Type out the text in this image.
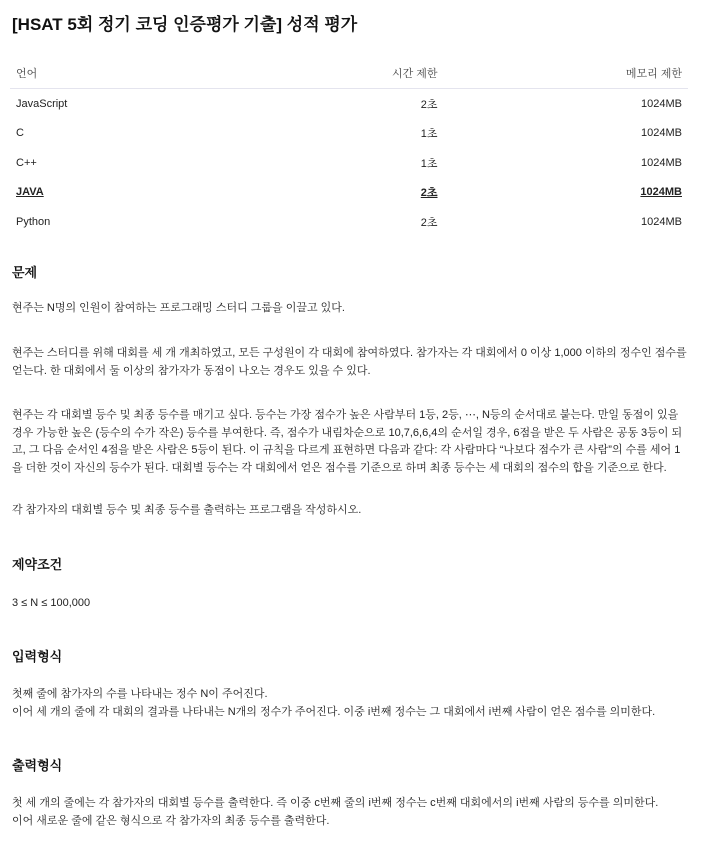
[HSAT 5회 정기 코딩 인증평가 기출] 성적 평가
언어	시간 제한	메모리 제한
JavaScript	2초	1024MB
C	1초	1024MB
C++	1초	1024MB
JAVA	2초	1024MB
Python	2초	1024MB
문제

현주는 N명의 인원이 참여하는 프로그래밍 스터디 그룹을 이끌고 있다.

현주는 스터디를 위해 대회를 세 개 개최하였고, 모든 구성원이 각 대회에 참여하였다. 참가자는 각 대회에서 0 이상 1,000 이하의 정수인 점수를 얻는다. 한 대회에서 둘 이상의 참가자가 동점이 나오는 경우도 있을 수 있다.

현주는 각 대회별 등수 및 최종 등수를 매기고 싶다. 등수는 가장 점수가 높은 사람부터 1등, 2등, ⋯, N등의 순서대로 붙는다. 만일 동점이 있을 경우 가능한 높은 (등수의 수가 작은) 등수를 부여한다. 즉, 점수가 내림차순으로 10,7,6,6,4의 순서일 경우, 6점을 받은 두 사람은 공동 3등이 되고, 그 다음 순서인 4점을 받은 사람은 5등이 된다. 이 규칙을 다르게 표현하면 다음과 같다: 각 사람마다 “나보다 점수가 큰 사람”의 수를 세어 1을 더한 것이 자신의 등수가 된다. 대회별 등수는 각 대회에서 얻은 점수를 기준으로 하며 최종 등수는 세 대회의 점수의 합을 기준으로 한다.

각 참가자의 대회별 등수 및 최종 등수를 출력하는 프로그램을 작성하시오.

제약조건

3 ≤ N ≤ 100,000

입력형식

첫째 줄에 참가자의 수를 나타내는 정수 N이 주어진다.

이어 세 개의 줄에 각 대회의 결과를 나타내는 N개의 정수가 주어진다. 이중 i번째 정수는 그 대회에서 i번째 사람이 얻은 점수를 의미한다.

출력형식

첫 세 개의 줄에는 각 참가자의 대회별 등수를 출력한다. 즉 이중 c번째 줄의 i번째 정수는 c번째 대회에서의 i번째 사람의 등수를 의미한다.

이어 새로운 줄에 같은 형식으로 각 참가자의 최종 등수를 출력한다.
